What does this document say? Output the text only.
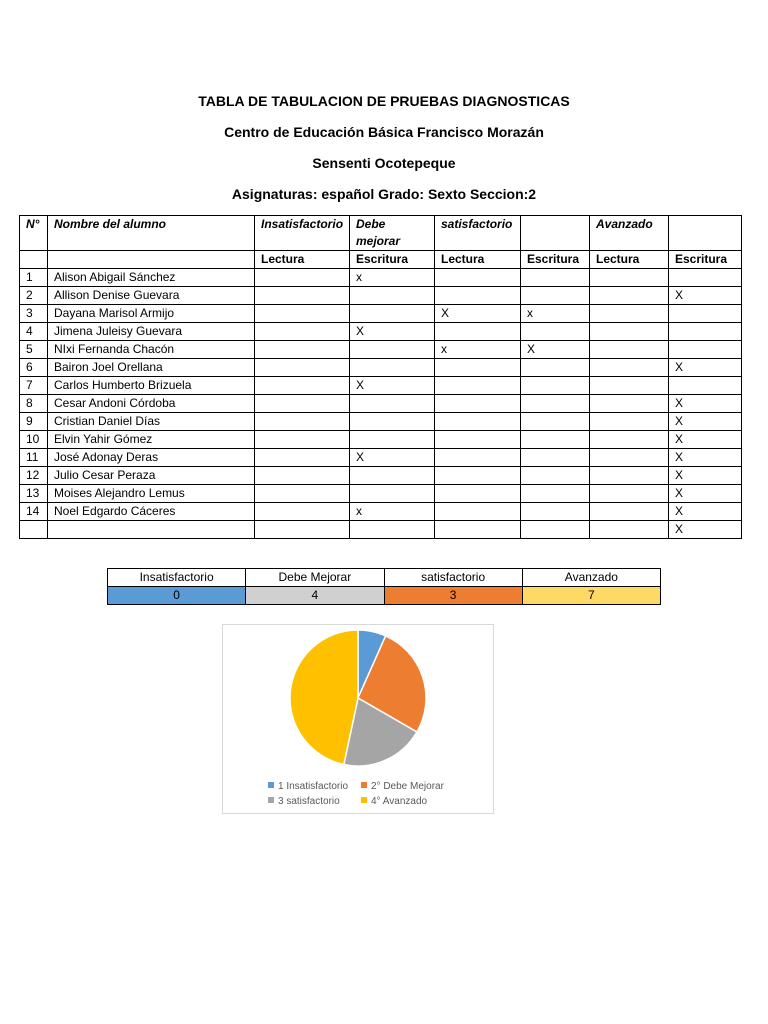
TABLA DE TABULACION DE PRUEBAS DIAGNOSTICAS
Centro de Educación Básica Francisco Morazán
Sensenti Ocotepeque
Asignaturas: español Grado: Sexto Seccion:2
N°	Nombre del alumno	Insatisfactorio	Debe mejorar	satisfactorio		Avanzado	
		Lectura	Escritura	Lectura	Escritura	Lectura	Escritura
1	Alison Abigail Sánchez		x				
2	Allison Denise Guevara						X
3	Dayana Marisol Armijo			X	x		
4	Jimena Juleisy Guevara		X				
5	NIxi Fernanda Chacón			x	X		
6	Bairon Joel Orellana						X
7	Carlos Humberto Brizuela		X				
8	Cesar Andoni Córdoba						X
9	Cristian Daniel Días						X
10	Elvin Yahir Gómez						X
11	José Adonay Deras		X				X
12	Julio Cesar Peraza						X
13	Moises Alejandro Lemus						X
14	Noel Edgardo Cáceres		x				X
							X
Insatisfactorio	Debe Mejorar	satisfactorio	Avanzado
0	4	3	7
1 Insatisfactorio	2° Debe Mejorar
3 satisfactorio	4° Avanzado
